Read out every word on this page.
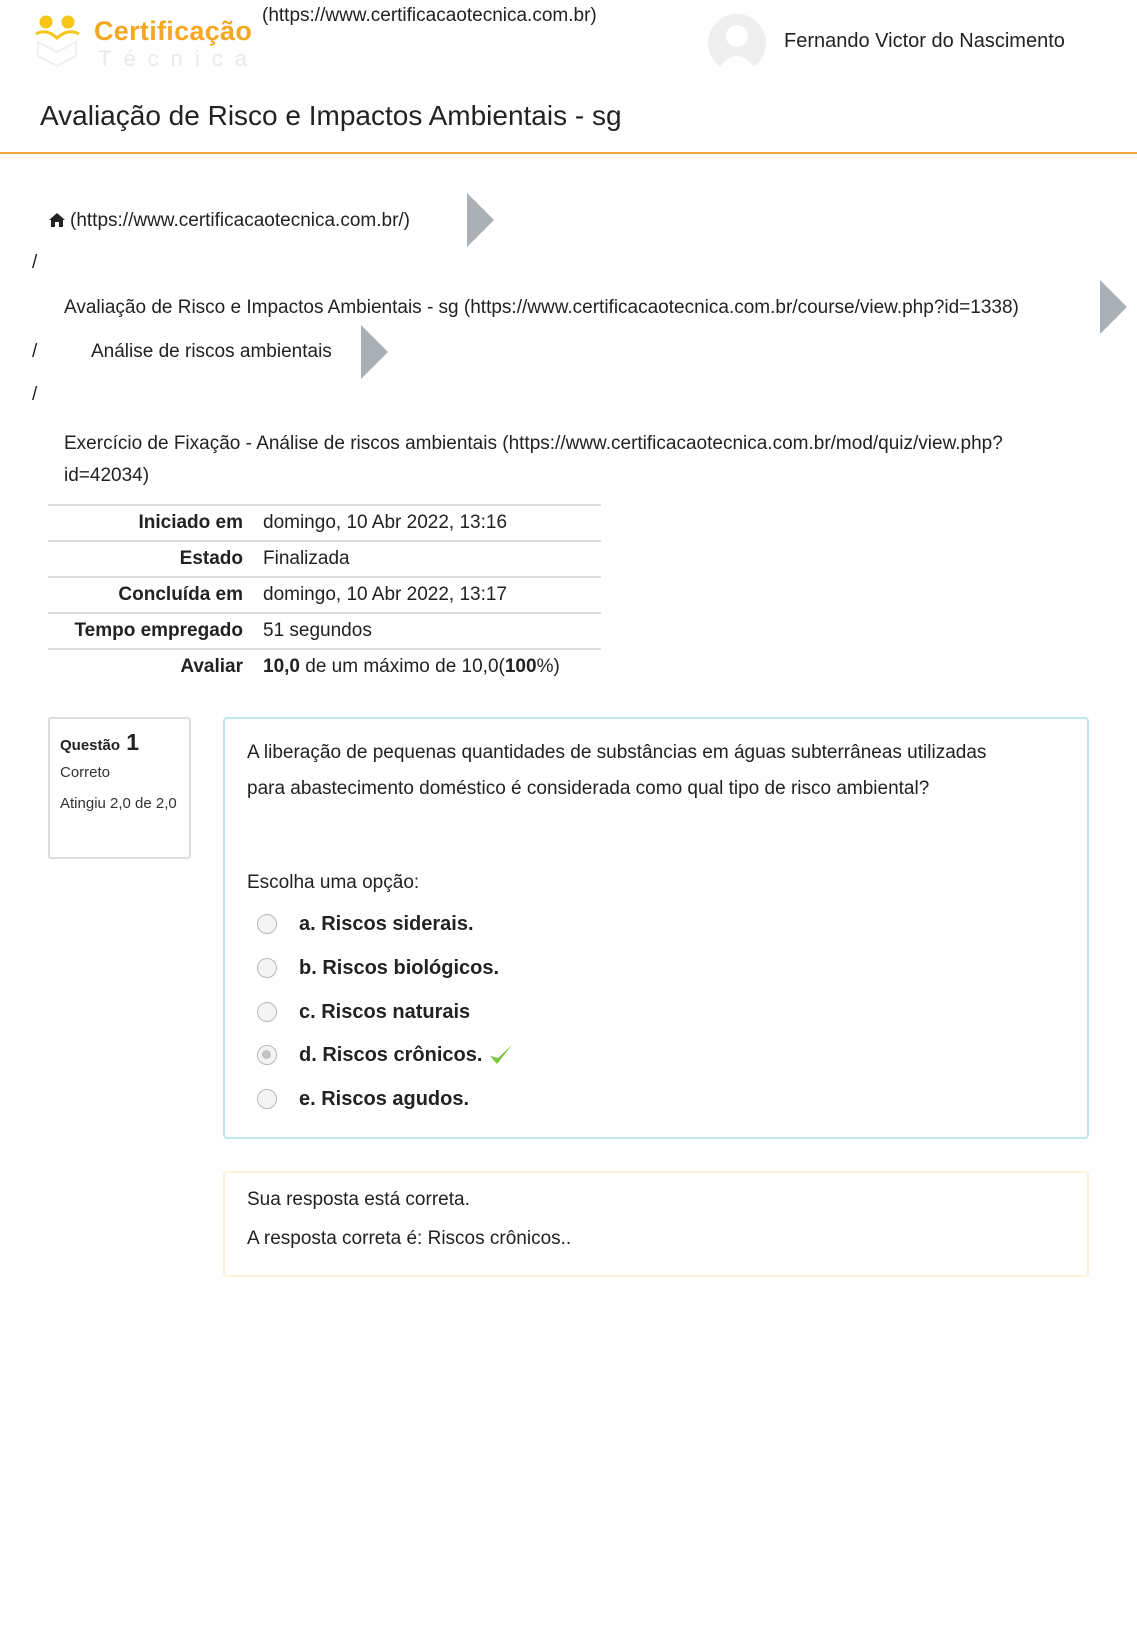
Certificação
Técnica
(https://www.certificacaotecnica.com.br)
Fernando Victor do Nascimento
Avaliação de Risco e Impactos Ambientais - sg
(https://www.certificacaotecnica.com.br/)
/
Avaliação de Risco e Impactos Ambientais - sg (https://www.certificacaotecnica.com.br/course/view.php?id=1338)
/	Análise de riscos ambientais
/
Exercício de Fixação - Análise de riscos ambientais (https://www.certificacaotecnica.com.br/mod/quiz/view.php?
id=42034)
Iniciado em	domingo, 10 Abr 2022, 13:16
Estado	Finalizada
Concluída em	domingo, 10 Abr 2022, 13:17
Tempo empregado	51 segundos
Avaliar	10,0 de um máximo de 10,0(100%)
Questão 1
Correto
Atingiu 2,0 de 2,0
A liberação de pequenas quantidades de substâncias em águas subterrâneas utilizadas para abastecimento doméstico é considerada como qual tipo de risco ambiental?
Escolha uma opção:
a. Riscos siderais.
b. Riscos biológicos.
c. Riscos naturais
d. Riscos crônicos.
e. Riscos agudos.
Sua resposta está correta.
A resposta correta é: Riscos crônicos..
